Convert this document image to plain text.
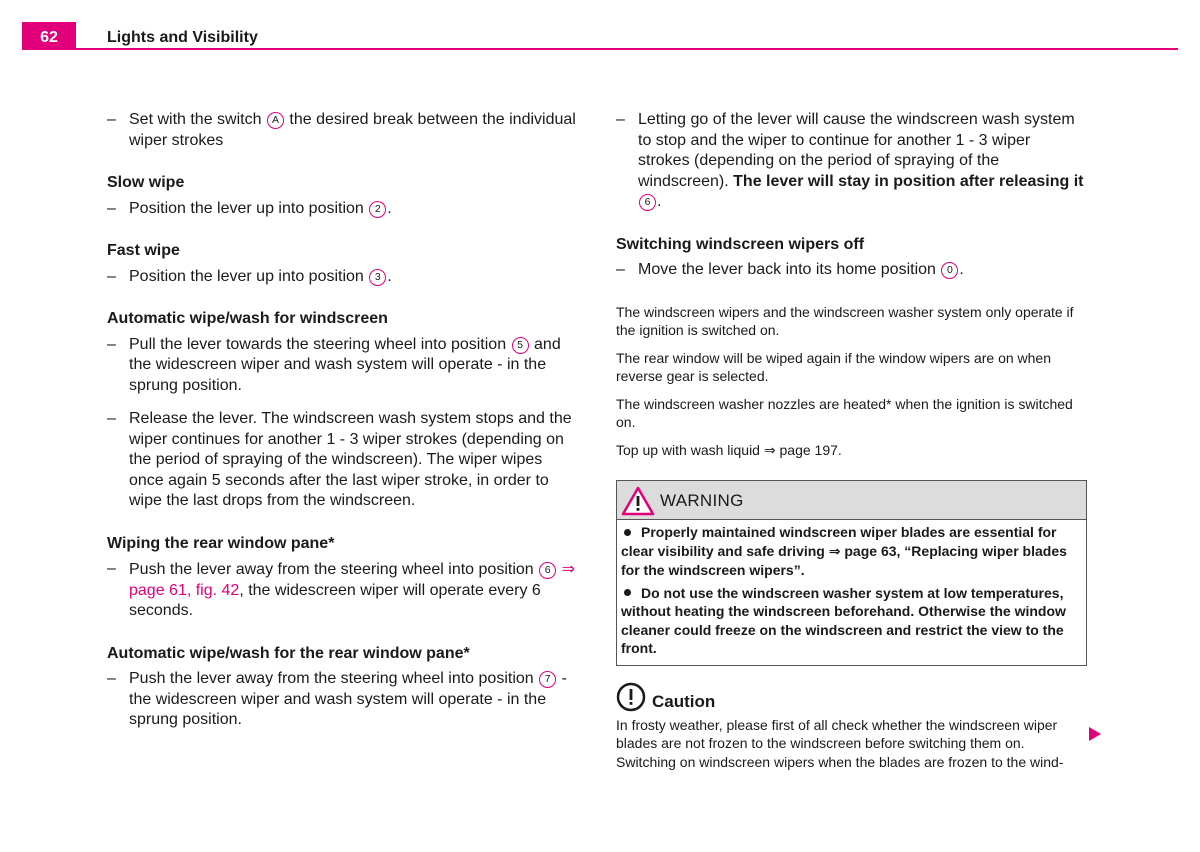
62	Lights and Visibility
– Set with the switch A the desired break between the individual wiper strokes
Slow wipe
– Position the lever up into position 2 .
Fast wipe
– Position the lever up into position 3 .
Automatic wipe/wash for windscreen
– Pull the lever towards the steering wheel into position 5 and the widescreen wiper and wash system will operate - in the sprung position.
– Release the lever. The windscreen wash system stops and the wiper continues for another 1 - 3 wiper strokes (depending on the period of spraying of the windscreen). The wiper wipes once again 5 seconds after the last wiper stroke, in order to wipe the last drops from the windscreen.
Wiping the rear window pane*
– Push the lever away from the steering wheel into position 6 ⇒ page 61, fig. 42, the widescreen wiper will operate every 6 seconds.
Automatic wipe/wash for the rear window pane*
– Push the lever away from the steering wheel into position 7 - the widescreen wiper and wash system will operate - in the sprung position.
– Letting go of the lever will cause the windscreen wash system to stop and the wiper to continue for another 1 - 3 wiper strokes (depending on the period of spraying of the windscreen). The lever will stay in position after releasing it6 .
Switching windscreen wipers off
– Move the lever back into its home position 0 .

The windscreen wipers and the windscreen washer system only operate if the ignition is switched on.

The rear window will be wiped again if the window wipers are on when reverse gear is selected.

The windscreen washer nozzles are heated* when the ignition is switched on.

Top up with wash liquid ⇒ page 197.

WARNING
Properly maintained windscreen wiper blades are essential for clear visibility and safe driving ⇒ page 63, “Replacing wiper blades for the windscreen wipers”.
Do not use the windscreen washer system at low temperatures, without heating the windscreen beforehand. Otherwise the window cleaner could freeze on the windscreen and restrict the view to the front.
Caution
In frosty weather, please first of all check whether the windscreen wiper blades are not frozen to the windscreen before switching them on. Switching on windscreen wipers when the blades are frozen to the wind-
